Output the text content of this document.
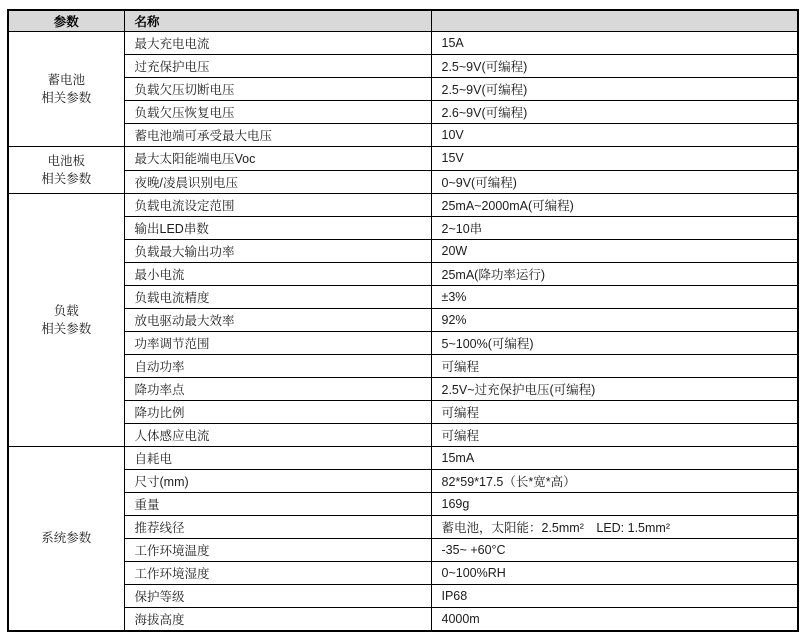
参数	名称	

蓄电池
相关参数	最大充电电流	15A
	过充保护电压	2.5~9V(可编程)
	负载欠压切断电压	2.5~9V(可编程)
	负载欠压恢复电压	2.6~9V(可编程)
	蓄电池端可承受最大电压	10V

电池板
相关参数	最大太阳能端电压Voc	15V
	夜晚/凌晨识别电压	0~9V(可编程)

负载
相关参数	负载电流设定范围	25mA~2000mA(可编程)
	输出LED串数	2~10串
	负载最大输出功率	20W
	最小电流	25mA(降功率运行)
	负载电流精度	±3%
	放电驱动最大效率	92%
	功率调节范围	5~100%(可编程)
	自动功率	可编程
	降功率点	2.5V~过充保护电压(可编程)
	降功比例	可编程
	人体感应电流	可编程

系统参数	自耗电	15mA
	尺寸(mm)	82*59*17.5（长*宽*高）
	重量	169g
	推荐线径	蓄电池，太阳能：2.5mm²　LED: 1.5mm²
	工作环境温度	-35~ +60°C
	工作环境湿度	0~100%RH
	保护等级	IP68
	海拔高度	4000m
